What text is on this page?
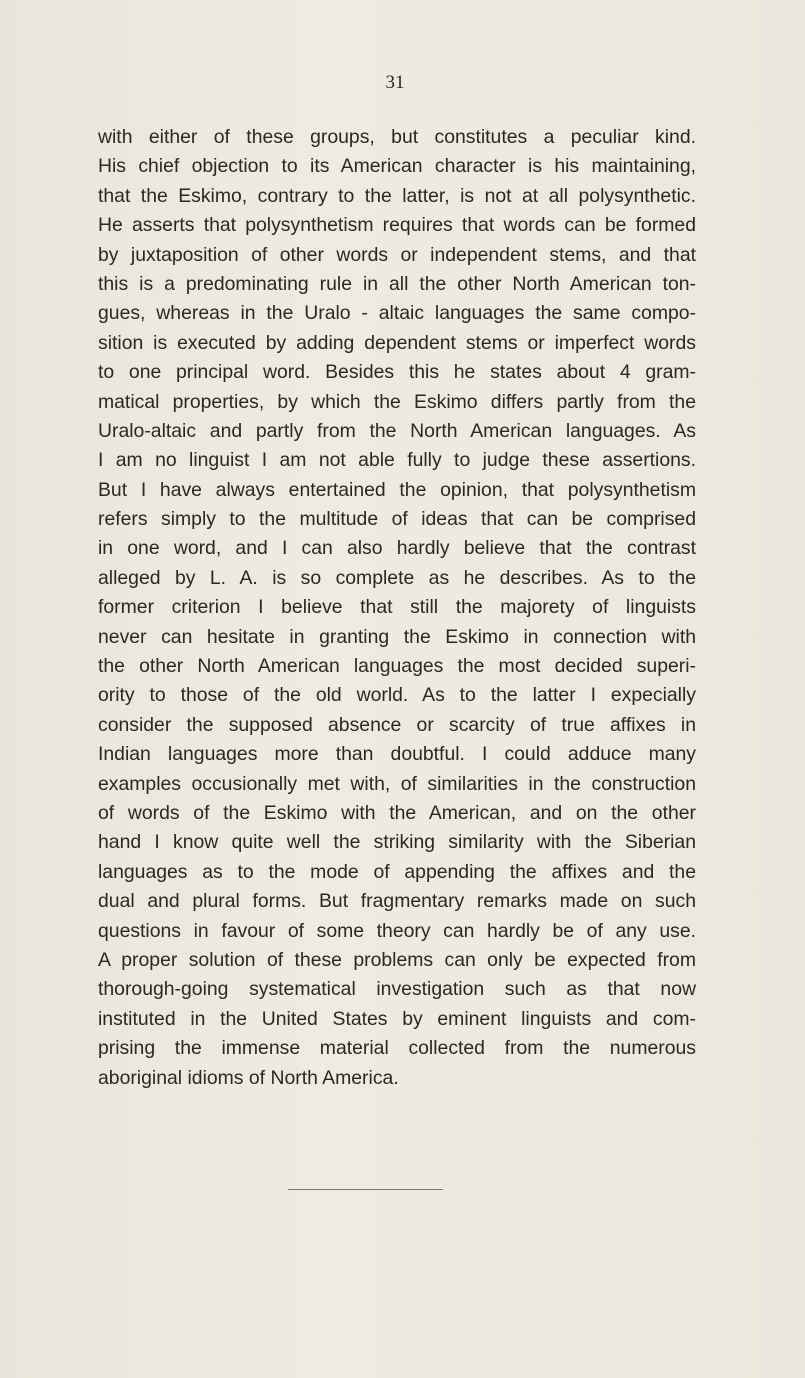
31
with either of these groups, but constitutes a peculiar kind.
His chief objection to its American character is his maintaining,
that the Eskimo, contrary to the latter, is not at all polysynthetic.
He asserts that polysynthetism requires that words can be formed
by juxtaposition of other words or independent stems, and that
this is a predominating rule in all the other North American ton-
gues, whereas in the Uralo - altaic languages the same compo-
sition is executed by adding dependent stems or imperfect words
to one principal word. Besides this he states about 4 gram-
matical properties, by which the Eskimo differs partly from the
Uralo-altaic and partly from the North American languages. As
I am no linguist I am not able fully to judge these assertions.
But I have always entertained the opinion, that polysynthetism
refers simply to the multitude of ideas that can be comprised
in one word, and I can also hardly believe that the contrast
alleged by L. A. is so complete as he describes. As to the
former criterion I believe that still the majorety of linguists
never can hesitate in granting the Eskimo in connection with
the other North American languages the most decided superi-
ority to those of the old world. As to the latter I expecially
consider the supposed absence or scarcity of true affixes in
Indian languages more than doubtful. I could adduce many
examples occusionally met with, of similarities in the construction
of words of the Eskimo with the American, and on the other
hand I know quite well the striking similarity with the Siberian
languages as to the mode of appending the affixes and the
dual and plural forms. But fragmentary remarks made on such
questions in favour of some theory can hardly be of any use.
A proper solution of these problems can only be expected from
thorough-going systematical investigation such as that now
instituted in the United States by eminent linguists and com-
prising the immense material collected from the numerous
aboriginal idioms of North America.
